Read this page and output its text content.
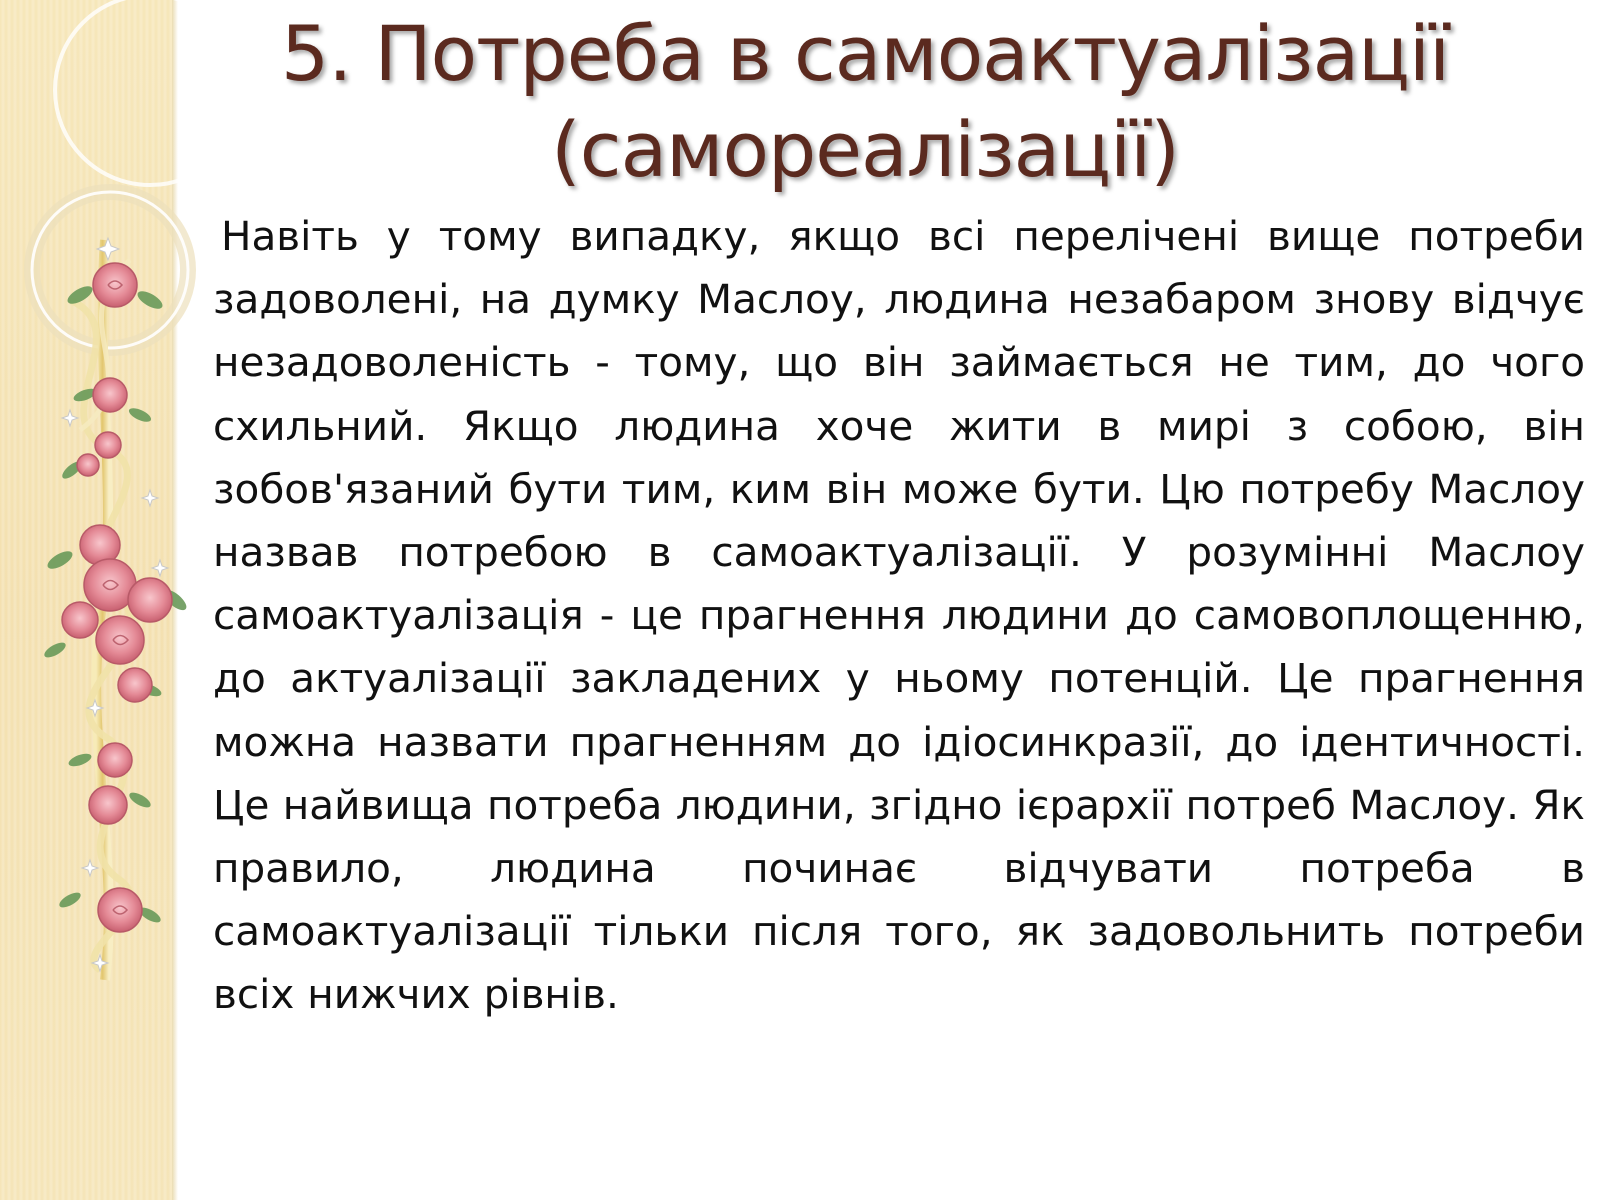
5. Потреба в самоактуалізації
(самореалізації)

Навіть у тому випадку, якщо всі перелічені вище потреби задоволені, на думку Маслоу, людина незабаром знову відчує незадоволеність - тому, що він займається не тим, до чого схильний. Якщо людина хоче жити в мирі з собою, він зобов'язаний бути тим, ким він може бути. Цю потребу Маслоу назвав потребою в самоактуалізації. У розумінні Маслоу самоактуалізація - це прагнення людини до самовоплощенню, до актуалізації закладених у ньому потенцій. Це прагнення можна назвати прагненням до ідіосинкразії, до ідентичності. Це найвища потреба людини, згідно ієрархії потреб Маслоу. Як правило, людина починає відчувати потреба в самоактуалізації тільки після того, як задовольнить потреби всіх нижчих рівнів.
